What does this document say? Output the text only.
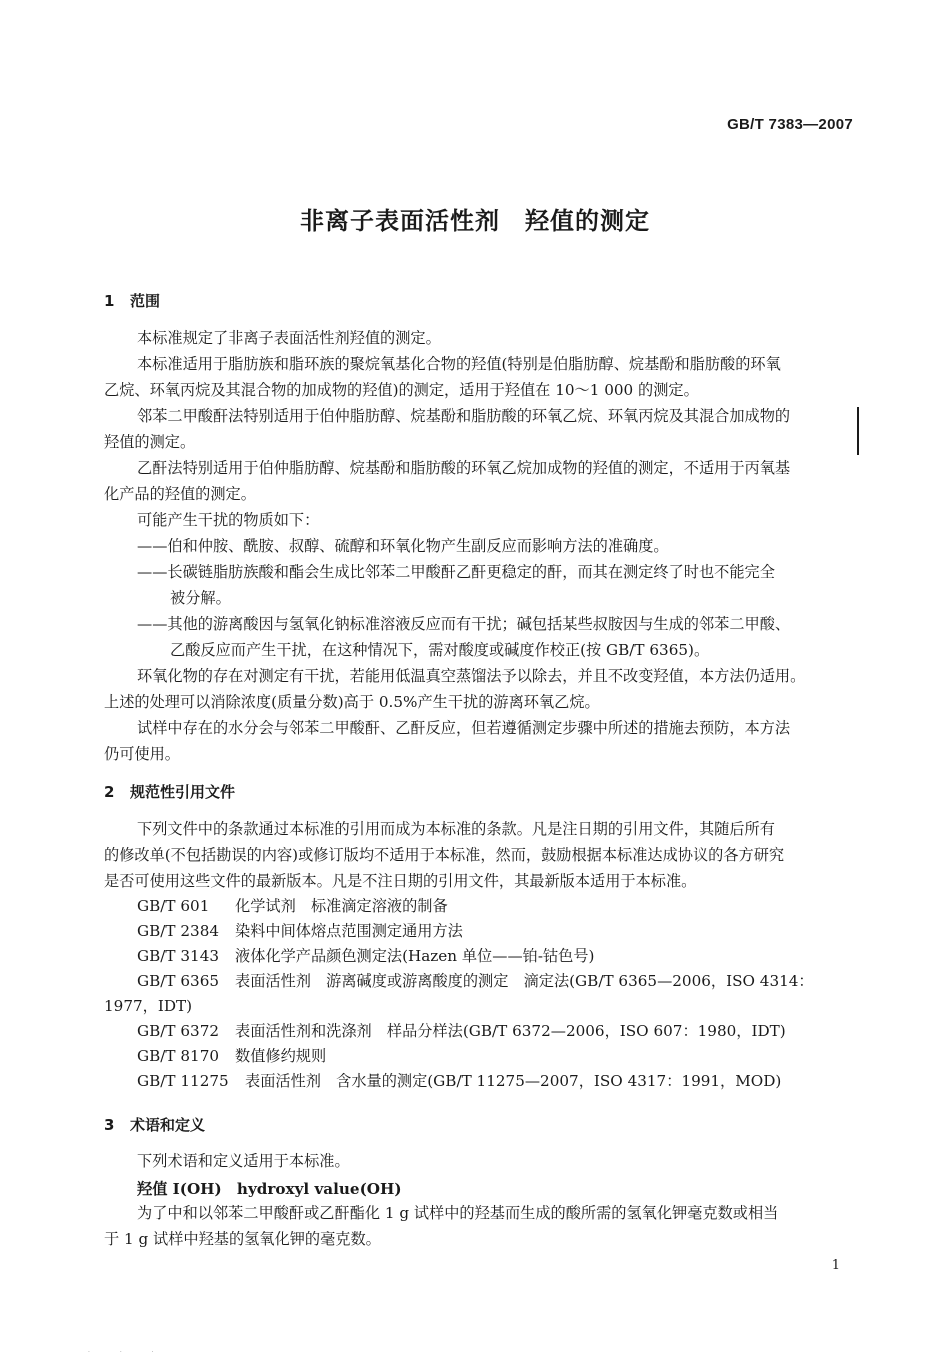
GB/T 7383—2007
非离子表面活性剂　羟值的测定
1 范围
本标准规定了非离子表面活性剂羟值的测定。
本标准适用于脂肪族和脂环族的聚烷氧基化合物的羟值(特别是伯脂肪醇、烷基酚和脂肪酸的环氧
乙烷、环氧丙烷及其混合物的加成物的羟值)的测定，适用于羟值在 10～1 000 的测定。
邻苯二甲酸酐法特别适用于伯仲脂肪醇、烷基酚和脂肪酸的环氧乙烷、环氧丙烷及其混合加成物的
羟值的测定。
乙酐法特别适用于伯仲脂肪醇、烷基酚和脂肪酸的环氧乙烷加成物的羟值的测定，不适用于丙氧基
化产品的羟值的测定。
可能产生干扰的物质如下：
——伯和仲胺、酰胺、叔醇、硫醇和环氧化物产生副反应而影响方法的准确度。
——长碳链脂肪族酸和酯会生成比邻苯二甲酸酐乙酐更稳定的酐，而其在测定终了时也不能完全
被分解。
——其他的游离酸因与氢氧化钠标准溶液反应而有干扰；碱包括某些叔胺因与生成的邻苯二甲酸、
乙酸反应而产生干扰，在这种情况下，需对酸度或碱度作校正(按 GB/T 6365)。
环氧化物的存在对测定有干扰，若能用低温真空蒸馏法予以除去，并且不改变羟值，本方法仍适用。
上述的处理可以消除浓度(质量分数)高于 0.5%产生干扰的游离环氧乙烷。
试样中存在的水分会与邻苯二甲酸酐、乙酐反应，但若遵循测定步骤中所述的措施去预防，本方法
仍可使用。
2 规范性引用文件
下列文件中的条款通过本标准的引用而成为本标准的条款。凡是注日期的引用文件，其随后所有
的修改单(不包括勘误的内容)或修订版均不适用于本标准，然而，鼓励根据本标准达成协议的各方研究
是否可使用这些文件的最新版本。凡是不注日期的引用文件，其最新版本适用于本标准。
GB/T 601 化学试剂　标准滴定溶液的制备
GB/T 2384 染料中间体熔点范围测定通用方法
GB/T 3143 液体化学产品颜色测定法(Hazen 单位——铂-钴色号)
GB/T 6365 表面活性剂　游离碱度或游离酸度的测定　滴定法(GB/T 6365—2006，ISO 4314：
1977，IDT)
GB/T 6372 表面活性剂和洗涤剂　样品分样法(GB/T 6372—2006，ISO 607：1980，IDT)
GB/T 8170 数值修约规则
GB/T 11275 表面活性剂　含水量的测定(GB/T 11275—2007，ISO 4317：1991，MOD)
3 术语和定义
下列术语和定义适用于本标准。
羟值 I(OH)　hydroxyl value(OH)
为了中和以邻苯二甲酸酐或乙酐酯化 1 g 试样中的羟基而生成的酸所需的氢氧化钾毫克数或相当
于 1 g 试样中羟基的氢氧化钾的毫克数。
1
· · ·
